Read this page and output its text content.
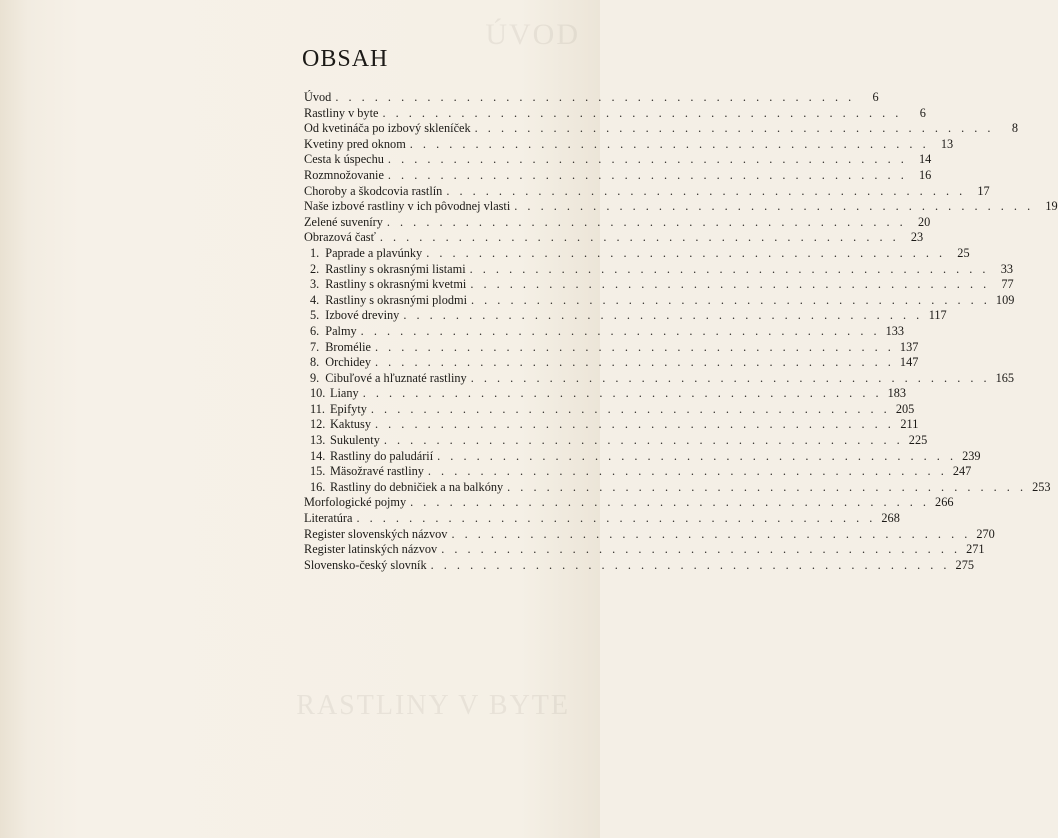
ÚVOD
RASTLINY V BYTE
OBSAH
Úvod . . . . . . . . . . . . . . . . . . . . . . . . . . . . . . . . . . . . . . . .	6
Rastliny v byte . . . . . . . . . . . . . . . . . . . . . . . . . . . . . . . . . . . . . . . .	6
Od kvetináča po izbový skleníček . . . . . . . . . . . . . . . . . . . . . . . . . . . . . . . . . . . . . . . .	8
Kvetiny pred oknom . . . . . . . . . . . . . . . . . . . . . . . . . . . . . . . . . . . . . . . . 13
Cesta k úspechu . . . . . . . . . . . . . . . . . . . . . . . . . . . . . . . . . . . . . . . . 14
Rozmnožovanie . . . . . . . . . . . . . . . . . . . . . . . . . . . . . . . . . . . . . . . . 16
Choroby a škodcovia rastlín . . . . . . . . . . . . . . . . . . . . . . . . . . . . . . . . . . . . . . . . 17
Naše izbové rastliny v ich pôvodnej vlasti . . . . . . . . . . . . . . . . . . . . . . . . . . . . . . . . . . . . . . . . 19
Zelené suveníry . . . . . . . . . . . . . . . . . . . . . . . . . . . . . . . . . . . . . . . . 20
Obrazová časť . . . . . . . . . . . . . . . . . . . . . . . . . . . . . . . . . . . . . . . . 23
1. Paprade a plavúnky . . . . . . . . . . . . . . . . . . . . . . . . . . . . . . . . . . . . . . . . 25
2. Rastliny s okrasnými listami . . . . . . . . . . . . . . . . . . . . . . . . . . . . . . . . . . . . . . . . 33
3. Rastliny s okrasnými kvetmi . . . . . . . . . . . . . . . . . . . . . . . . . . . . . . . . . . . . . . . . 77
4. Rastliny s okrasnými plodmi . . . . . . . . . . . . . . . . . . . . . . . . . . . . . . . . . . . . . . . . 109
5. Izbové dreviny . . . . . . . . . . . . . . . . . . . . . . . . . . . . . . . . . . . . . . . . 117
6. Palmy . . . . . . . . . . . . . . . . . . . . . . . . . . . . . . . . . . . . . . . . 133
7. Bromélie . . . . . . . . . . . . . . . . . . . . . . . . . . . . . . . . . . . . . . . . 137
8. Orchidey . . . . . . . . . . . . . . . . . . . . . . . . . . . . . . . . . . . . . . . . 147
9. Cibuľové a hľuznaté rastliny . . . . . . . . . . . . . . . . . . . . . . . . . . . . . . . . . . . . . . . . 165
10. Liany . . . . . . . . . . . . . . . . . . . . . . . . . . . . . . . . . . . . . . . . 183
11. Epifyty . . . . . . . . . . . . . . . . . . . . . . . . . . . . . . . . . . . . . . . . 205
12. Kaktusy . . . . . . . . . . . . . . . . . . . . . . . . . . . . . . . . . . . . . . . . 211
13. Sukulenty . . . . . . . . . . . . . . . . . . . . . . . . . . . . . . . . . . . . . . . . 225
14. Rastliny do paludárií . . . . . . . . . . . . . . . . . . . . . . . . . . . . . . . . . . . . . . . . 239
15. Mäsožravé rastliny . . . . . . . . . . . . . . . . . . . . . . . . . . . . . . . . . . . . . . . . 247
16. Rastliny do debničiek a na balkóny . . . . . . . . . . . . . . . . . . . . . . . . . . . . . . . . . . . . . . . . 253
Morfologické pojmy . . . . . . . . . . . . . . . . . . . . . . . . . . . . . . . . . . . . . . . . 266
Literatúra . . . . . . . . . . . . . . . . . . . . . . . . . . . . . . . . . . . . . . . . 268
Register slovenských názvov . . . . . . . . . . . . . . . . . . . . . . . . . . . . . . . . . . . . . . . . 270
Register latinských názvov . . . . . . . . . . . . . . . . . . . . . . . . . . . . . . . . . . . . . . . . 271
Slovensko-český slovník . . . . . . . . . . . . . . . . . . . . . . . . . . . . . . . . . . . . . . . . 275
